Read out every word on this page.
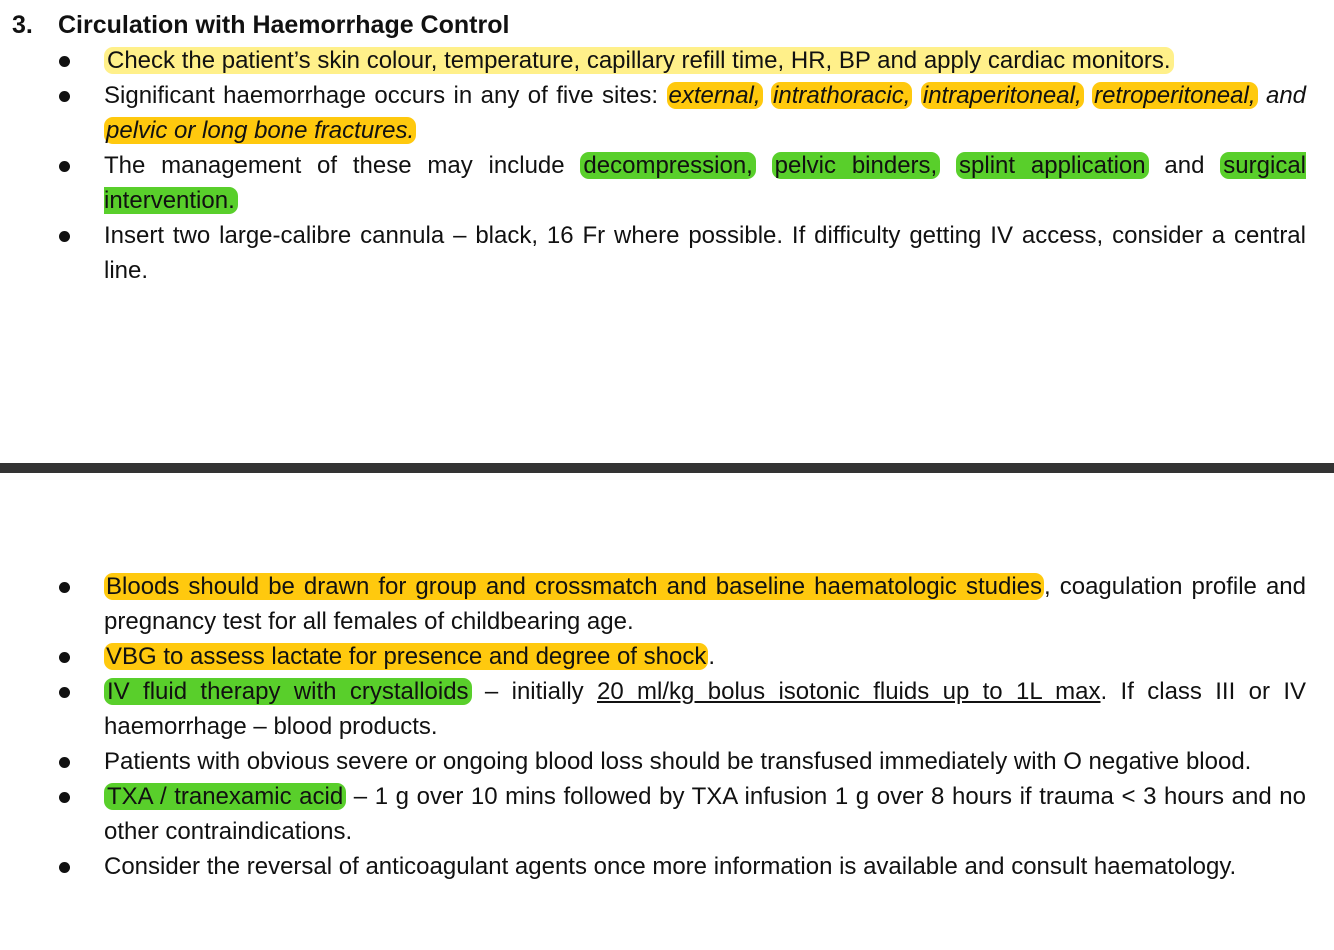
3. Circulation with Haemorrhage Control
Check the patient’s skin colour, temperature, capillary refill time, HR, BP and apply cardiac monitors.
Significant haemorrhage occurs in any of five sites: external, intrathoracic, intraperitoneal, retroperitoneal, and pelvic or long bone fractures.
The management of these may include decompression, pelvic binders, splint application and surgical intervention.
Insert two large-calibre cannula – black, 16 Fr where possible. If difficulty getting IV access, consider a central line.
Bloods should be drawn for group and crossmatch and baseline haematologic studies, coagulation profile and pregnancy test for all females of childbearing age.
VBG to assess lactate for presence and degree of shock.
IV fluid therapy with crystalloids – initially 20 ml/kg bolus isotonic fluids up to 1L max. If class III or IV haemorrhage – blood products.
Patients with obvious severe or ongoing blood loss should be transfused immediately with O negative blood.
TXA / tranexamic acid – 1 g over 10 mins followed by TXA infusion 1 g over 8 hours if trauma < 3 hours and no other contraindications.
Consider the reversal of anticoagulant agents once more information is available and consult haematology.
